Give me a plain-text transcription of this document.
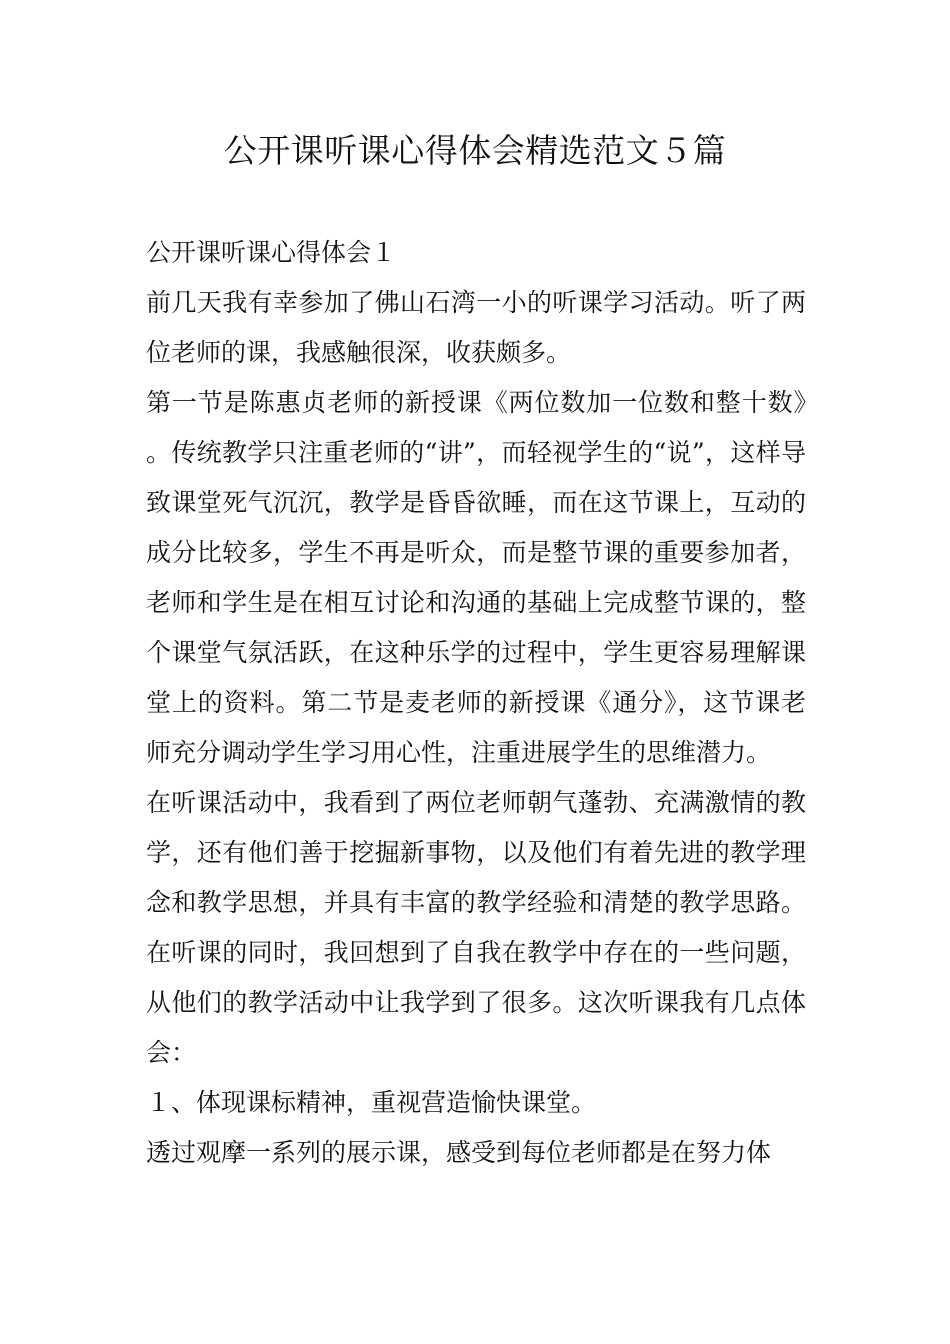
公开课听课心得体会精选范文５篇

公开课听课心得体会１

前几天我有幸参加了佛山石湾一小的听课学习活动。听了两位老师的课，我感触很深，收获颇多。

第一节是陈惠贞老师的新授课《两位数加一位数和整十数》。传统教学只注重老师的“讲”，而轻视学生的“说”，这样导致课堂死气沉沉，教学是昏昏欲睡，而在这节课上，互动的成分比较多，学生不再是听众，而是整节课的重要参加者，老师和学生是在相互讨论和沟通的基础上完成整节课的，整个课堂气氛活跃，在这种乐学的过程中，学生更容易理解课堂上的资料。第二节是麦老师的新授课《通分》，这节课老师充分调动学生学习用心性，注重进展学生的思维潜力。

在听课活动中，我看到了两位老师朝气蓬勃、充满激情的教学，还有他们善于挖掘新事物，以及他们有着先进的教学理念和教学思想，并具有丰富的教学经验和清楚的教学思路。在听课的同时，我回想到了自我在教学中存在的一些问题，从他们的教学活动中让我学到了很多。这次听课我有几点体会：

１、体现课标精神，重视营造愉快课堂。

透过观摩一系列的展示课，感受到每位老师都是在努力体
